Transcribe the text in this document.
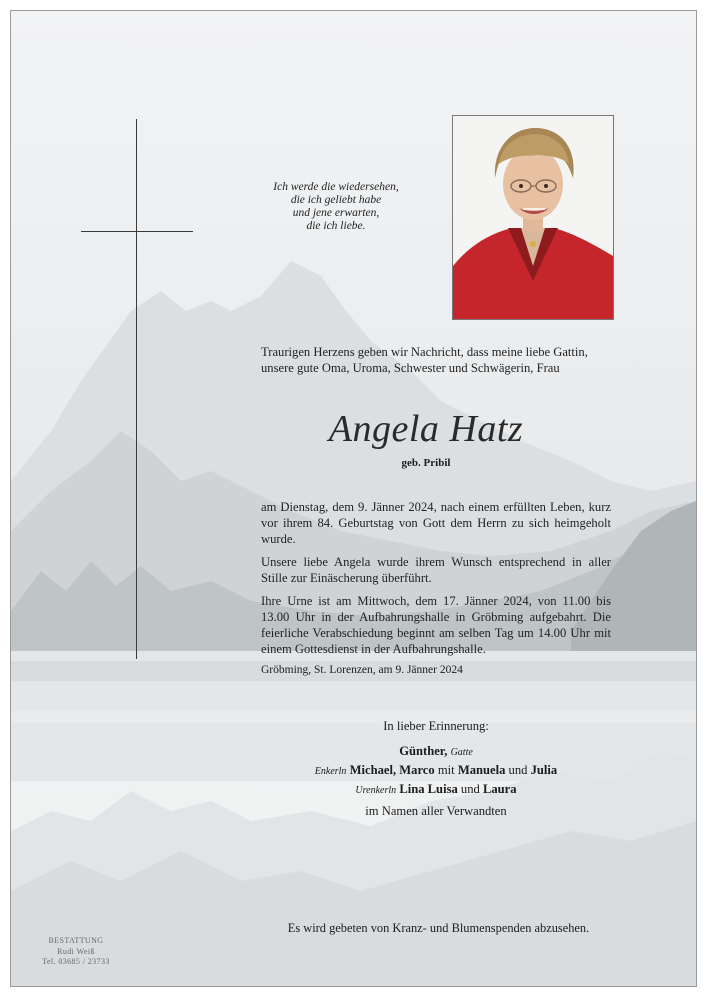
Ich werde die wiedersehen,
die ich geliebt habe
und jene erwarten,
die ich liebe.
Traurigen Herzens geben wir Nachricht, dass meine liebe Gattin,
unsere gute Oma, Uroma, Schwester und Schwägerin, Frau
Angela Hatz
geb. Pribil
am Dienstag, dem 9. Jänner 2024, nach einem erfüllten Leben, kurz vor ihrem 84. Geburtstag von Gott dem Herrn zu sich heimgeholt wurde.
Unsere liebe Angela wurde ihrem Wunsch entsprechend in aller Stille zur Einäscherung überführt.
Ihre Urne ist am Mittwoch, dem 17. Jänner 2024, von 11.00 bis 13.00 Uhr in der Aufbahrungshalle in Gröbming aufgebahrt. Die feierliche Verabschiedung beginnt am selben Tag um 14.00 Uhr mit einem Gottesdienst in der Aufbahrungshalle.
Gröbming, St. Lorenzen, am 9. Jänner 2024
In lieber Erinnerung:
Günther, Gatte
Enkerln Michael, Marco mit Manuela und Julia
Urenkerln Lina Luisa und Laura
im Namen aller Verwandten
Es wird gebeten von Kranz- und Blumenspenden abzusehen.
BESTATTUNG
Rudi Weiß
Tel. 03685 / 23733
